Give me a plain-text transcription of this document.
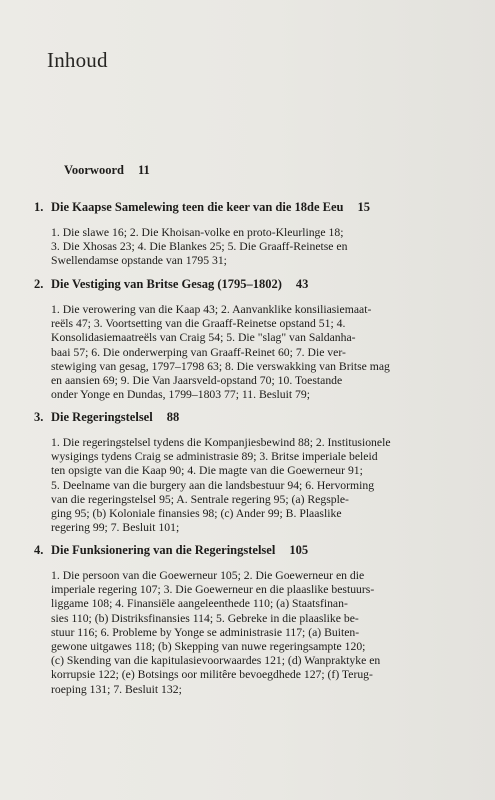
Inhoud
Voorwoord 11
1. Die Kaapse Samelewing teen die keer van die 18de Eeu 15
1. Die slawe 16; 2. Die Khoisan-volke en proto-Kleurlinge 18;
3. Die Xhosas 23; 4. Die Blankes 25; 5. Die Graaff-Reinetse en
Swellendamse opstande van 1795 31;
2. Die Vestiging van Britse Gesag (1795–1802) 43
1. Die verowering van die Kaap 43; 2. Aanvanklike konsiliasiemaat-
reëls 47; 3. Voortsetting van die Graaff-Reinetse opstand 51; 4.
Konsolidasiemaatreëls van Craig 54; 5. Die "slag" van Saldanha-
baai 57; 6. Die onderwerping van Graaff-Reinet 60; 7. Die ver-
stewiging van gesag, 1797–1798 63; 8. Die verswakking van Britse mag
en aansien 69; 9. Die Van Jaarsveld-opstand 70; 10. Toestande
onder Yonge en Dundas, 1799–1803 77; 11. Besluit 79;
3. Die Regeringstelsel 88
1. Die regeringstelsel tydens die Kompanjiesbewind 88; 2. Institusionele
wysigings tydens Craig se administrasie 89; 3. Britse imperiale beleid
ten opsigte van die Kaap 90; 4. Die magte van die Goewerneur 91;
5. Deelname van die burgery aan die landsbestuur 94; 6. Hervorming
van die regeringstelsel 95; A. Sentrale regering 95; (a) Regsple-
ging 95; (b) Koloniale finansies 98; (c) Ander 99; B. Plaaslike
regering 99; 7. Besluit 101;
4. Die Funksionering van die Regeringstelsel 105
1. Die persoon van die Goewerneur 105; 2. Die Goewerneur en die
imperiale regering 107; 3. Die Goewerneur en die plaaslike bestuurs-
liggame 108; 4. Finansiële aangeleenthede 110; (a) Staatsfinan-
sies 110; (b) Distriksfinansies 114; 5. Gebreke in die plaaslike be-
stuur 116; 6. Probleme by Yonge se administrasie 117; (a) Buiten-
gewone uitgawes 118; (b) Skepping van nuwe regeringsampte 120;
(c) Skending van die kapitulasievoorwaardes 121; (d) Wanpraktyke en
korrupsie 122; (e) Botsings oor militêre bevoegdhede 127; (f) Terug-
roeping 131; 7. Besluit 132;
